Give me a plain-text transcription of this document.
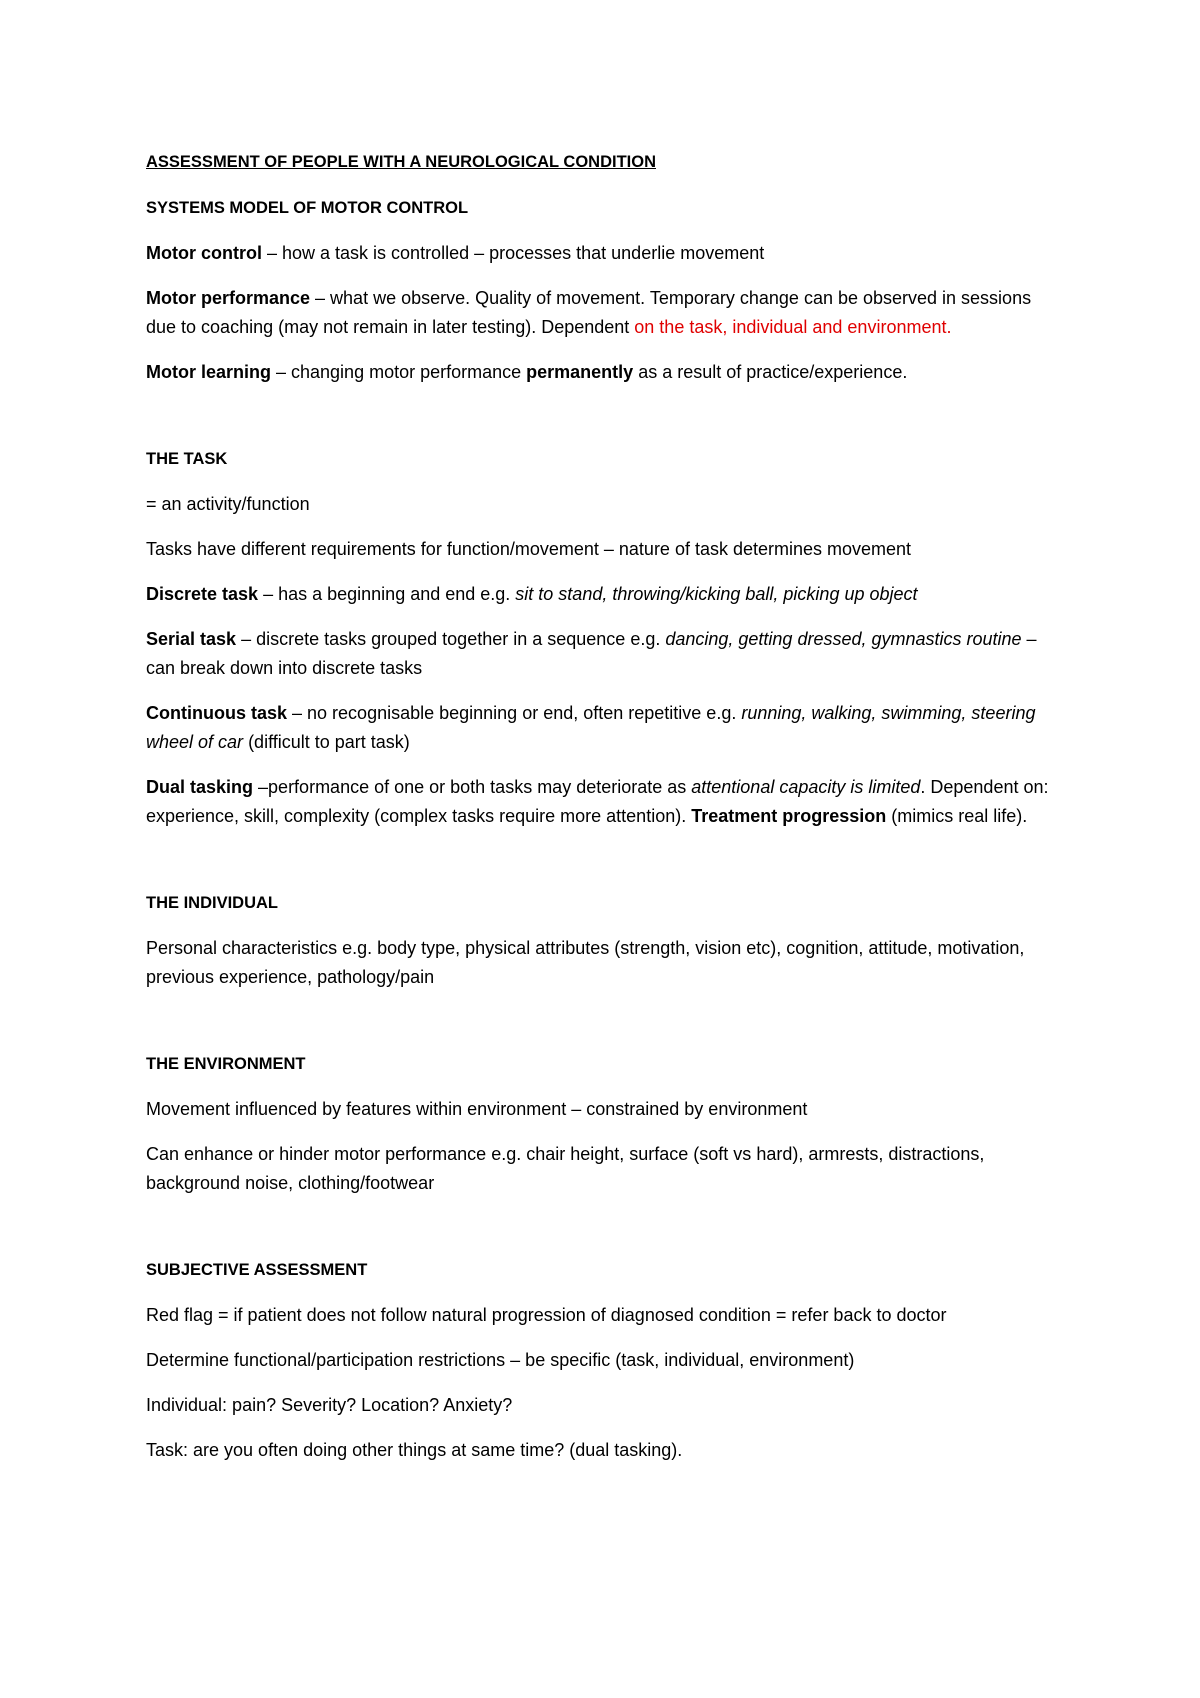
ASSESSMENT OF PEOPLE WITH A NEUROLOGICAL CONDITION
SYSTEMS MODEL OF MOTOR CONTROL

Motor control – how a task is controlled – processes that underlie movement

Motor performance – what we observe. Quality of movement. Temporary change can be observed in sessions due to coaching (may not remain in later testing). Dependent on the task, individual and environment.

Motor learning – changing motor performance permanently as a result of practice/experience.

THE TASK

= an activity/function

Tasks have different requirements for function/movement – nature of task determines movement

Discrete task – has a beginning and end e.g. sit to stand, throwing/kicking ball, picking up object

Serial task – discrete tasks grouped together in a sequence e.g. dancing, getting dressed, gymnastics routine – can break down into discrete tasks

Continuous task – no recognisable beginning or end, often repetitive e.g. running, walking, swimming, steering wheel of car (difficult to part task)

Dual tasking –performance of one or both tasks may deteriorate as attentional capacity is limited. Dependent on: experience, skill, complexity (complex tasks require more attention). Treatment progression (mimics real life).

THE INDIVIDUAL

Personal characteristics e.g. body type, physical attributes (strength, vision etc), cognition, attitude, motivation, previous experience, pathology/pain

THE ENVIRONMENT

Movement influenced by features within environment – constrained by environment

Can enhance or hinder motor performance e.g. chair height, surface (soft vs hard), armrests, distractions, background noise, clothing/footwear

SUBJECTIVE ASSESSMENT

Red flag = if patient does not follow natural progression of diagnosed condition = refer back to doctor

Determine functional/participation restrictions – be specific (task, individual, environment)

Individual: pain? Severity? Location? Anxiety?

Task: are you often doing other things at same time? (dual tasking).
